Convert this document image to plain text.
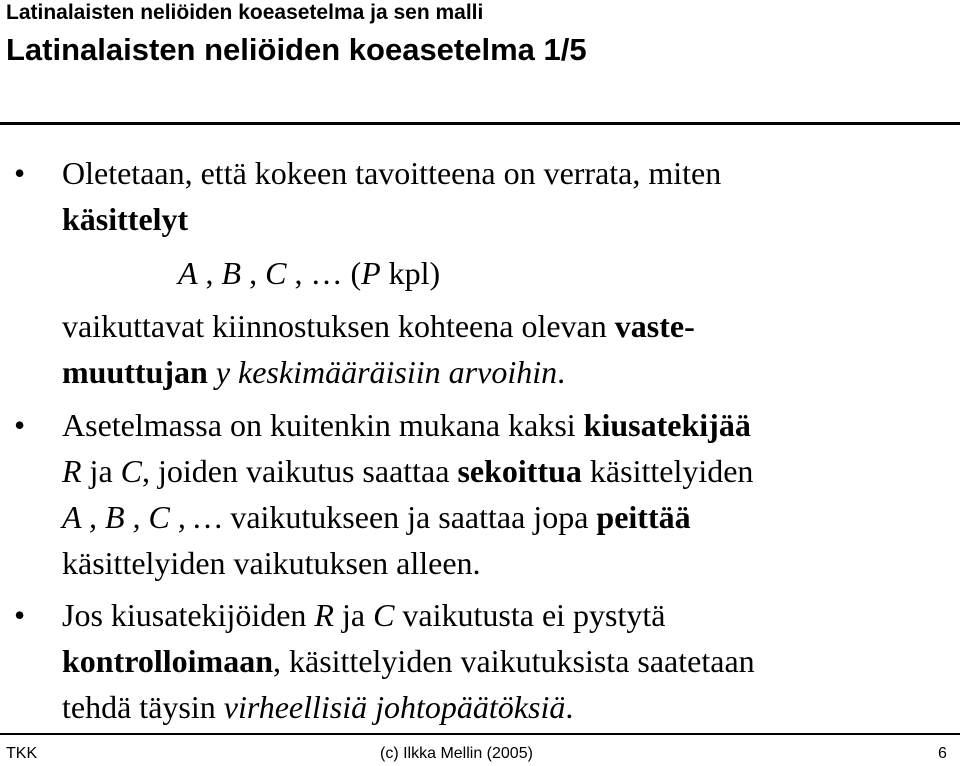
Latinalaisten neliöiden koeasetelma ja sen malli
Latinalaisten neliöiden koeasetelma 1/5
• Oletetaan, että kokeen tavoitteena on verrata, miten
käsittelyt
A , B , C , … (P kpl)
vaikuttavat kiinnostuksen kohteena olevan vaste-
muuttujan y keskimääräisiin arvoihin.
• Asetelmassa on kuitenkin mukana kaksi kiusatekijää
R ja C, joiden vaikutus saattaa sekoittua käsittelyiden
A , B , C , … vaikutukseen ja saattaa jopa peittää
käsittelyiden vaikutuksen alleen.
• Jos kiusatekijöiden R ja C vaikutusta ei pystytä
kontrolloimaan, käsittelyiden vaikutuksista saatetaan
tehdä täysin virheellisiä johtopäätöksiä.
TKK	(c) Ilkka Mellin (2005)	6
